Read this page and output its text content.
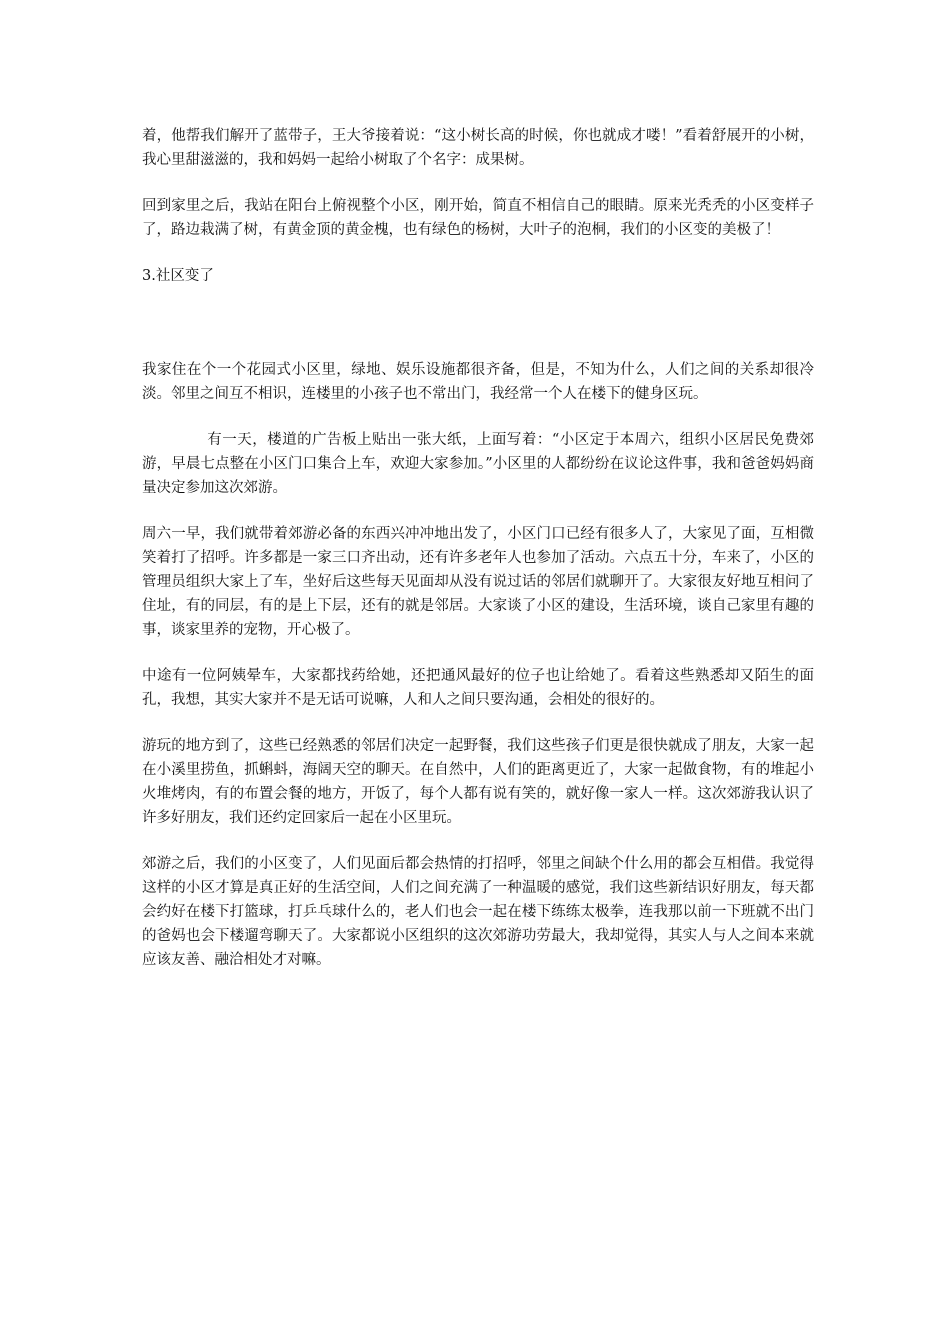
着，他帮我们解开了蓝带子，王大爷接着说：“这小树长高的时候，你也就成才喽！”看着舒展开的小树，我心里甜滋滋的，我和妈妈一起给小树取了个名字：成果树。

回到家里之后，我站在阳台上俯视整个小区，刚开始，简直不相信自己的眼睛。原来光秃秃的小区变样子了，路边栽满了树，有黄金顶的黄金槐，也有绿色的杨树，大叶子的泡桐，我们的小区变的美极了！

3.社区变了

我家住在个一个花园式小区里，绿地、娱乐设施都很齐备，但是，不知为什么，人们之间的关系却很冷淡。邻里之间互不相识，连楼里的小孩子也不常出门，我经常一个人在楼下的健身区玩。

有一天，楼道的广告板上贴出一张大纸，上面写着：“小区定于本周六，组织小区居民免费郊游，早晨七点整在小区门口集合上车，欢迎大家参加。”小区里的人都纷纷在议论这件事，我和爸爸妈妈商量决定参加这次郊游。

周六一早，我们就带着郊游必备的东西兴冲冲地出发了，小区门口已经有很多人了，大家见了面，互相微笑着打了招呼。许多都是一家三口齐出动，还有许多老年人也参加了活动。六点五十分，车来了，小区的管理员组织大家上了车，坐好后这些每天见面却从没有说过话的邻居们就聊开了。大家很友好地互相问了住址，有的同层，有的是上下层，还有的就是邻居。大家谈了小区的建设，生活环境，谈自己家里有趣的事，谈家里养的宠物，开心极了。

中途有一位阿姨晕车，大家都找药给她，还把通风最好的位子也让给她了。看着这些熟悉却又陌生的面孔，我想，其实大家并不是无话可说嘛，人和人之间只要沟通，会相处的很好的。

游玩的地方到了，这些已经熟悉的邻居们决定一起野餐，我们这些孩子们更是很快就成了朋友，大家一起在小溪里捞鱼，抓蝌蚪，海阔天空的聊天。在自然中，人们的距离更近了，大家一起做食物，有的堆起小火堆烤肉，有的布置会餐的地方，开饭了，每个人都有说有笑的，就好像一家人一样。这次郊游我认识了许多好朋友，我们还约定回家后一起在小区里玩。

郊游之后，我们的小区变了，人们见面后都会热情的打招呼，邻里之间缺个什么用的都会互相借。我觉得这样的小区才算是真正好的生活空间，人们之间充满了一种温暖的感觉，我们这些新结识好朋友，每天都会约好在楼下打篮球，打乒乓球什么的，老人们也会一起在楼下练练太极拳，连我那以前一下班就不出门的爸妈也会下楼遛弯聊天了。大家都说小区组织的这次郊游功劳最大，我却觉得，其实人与人之间本来就应该友善、融洽相处才对嘛。
